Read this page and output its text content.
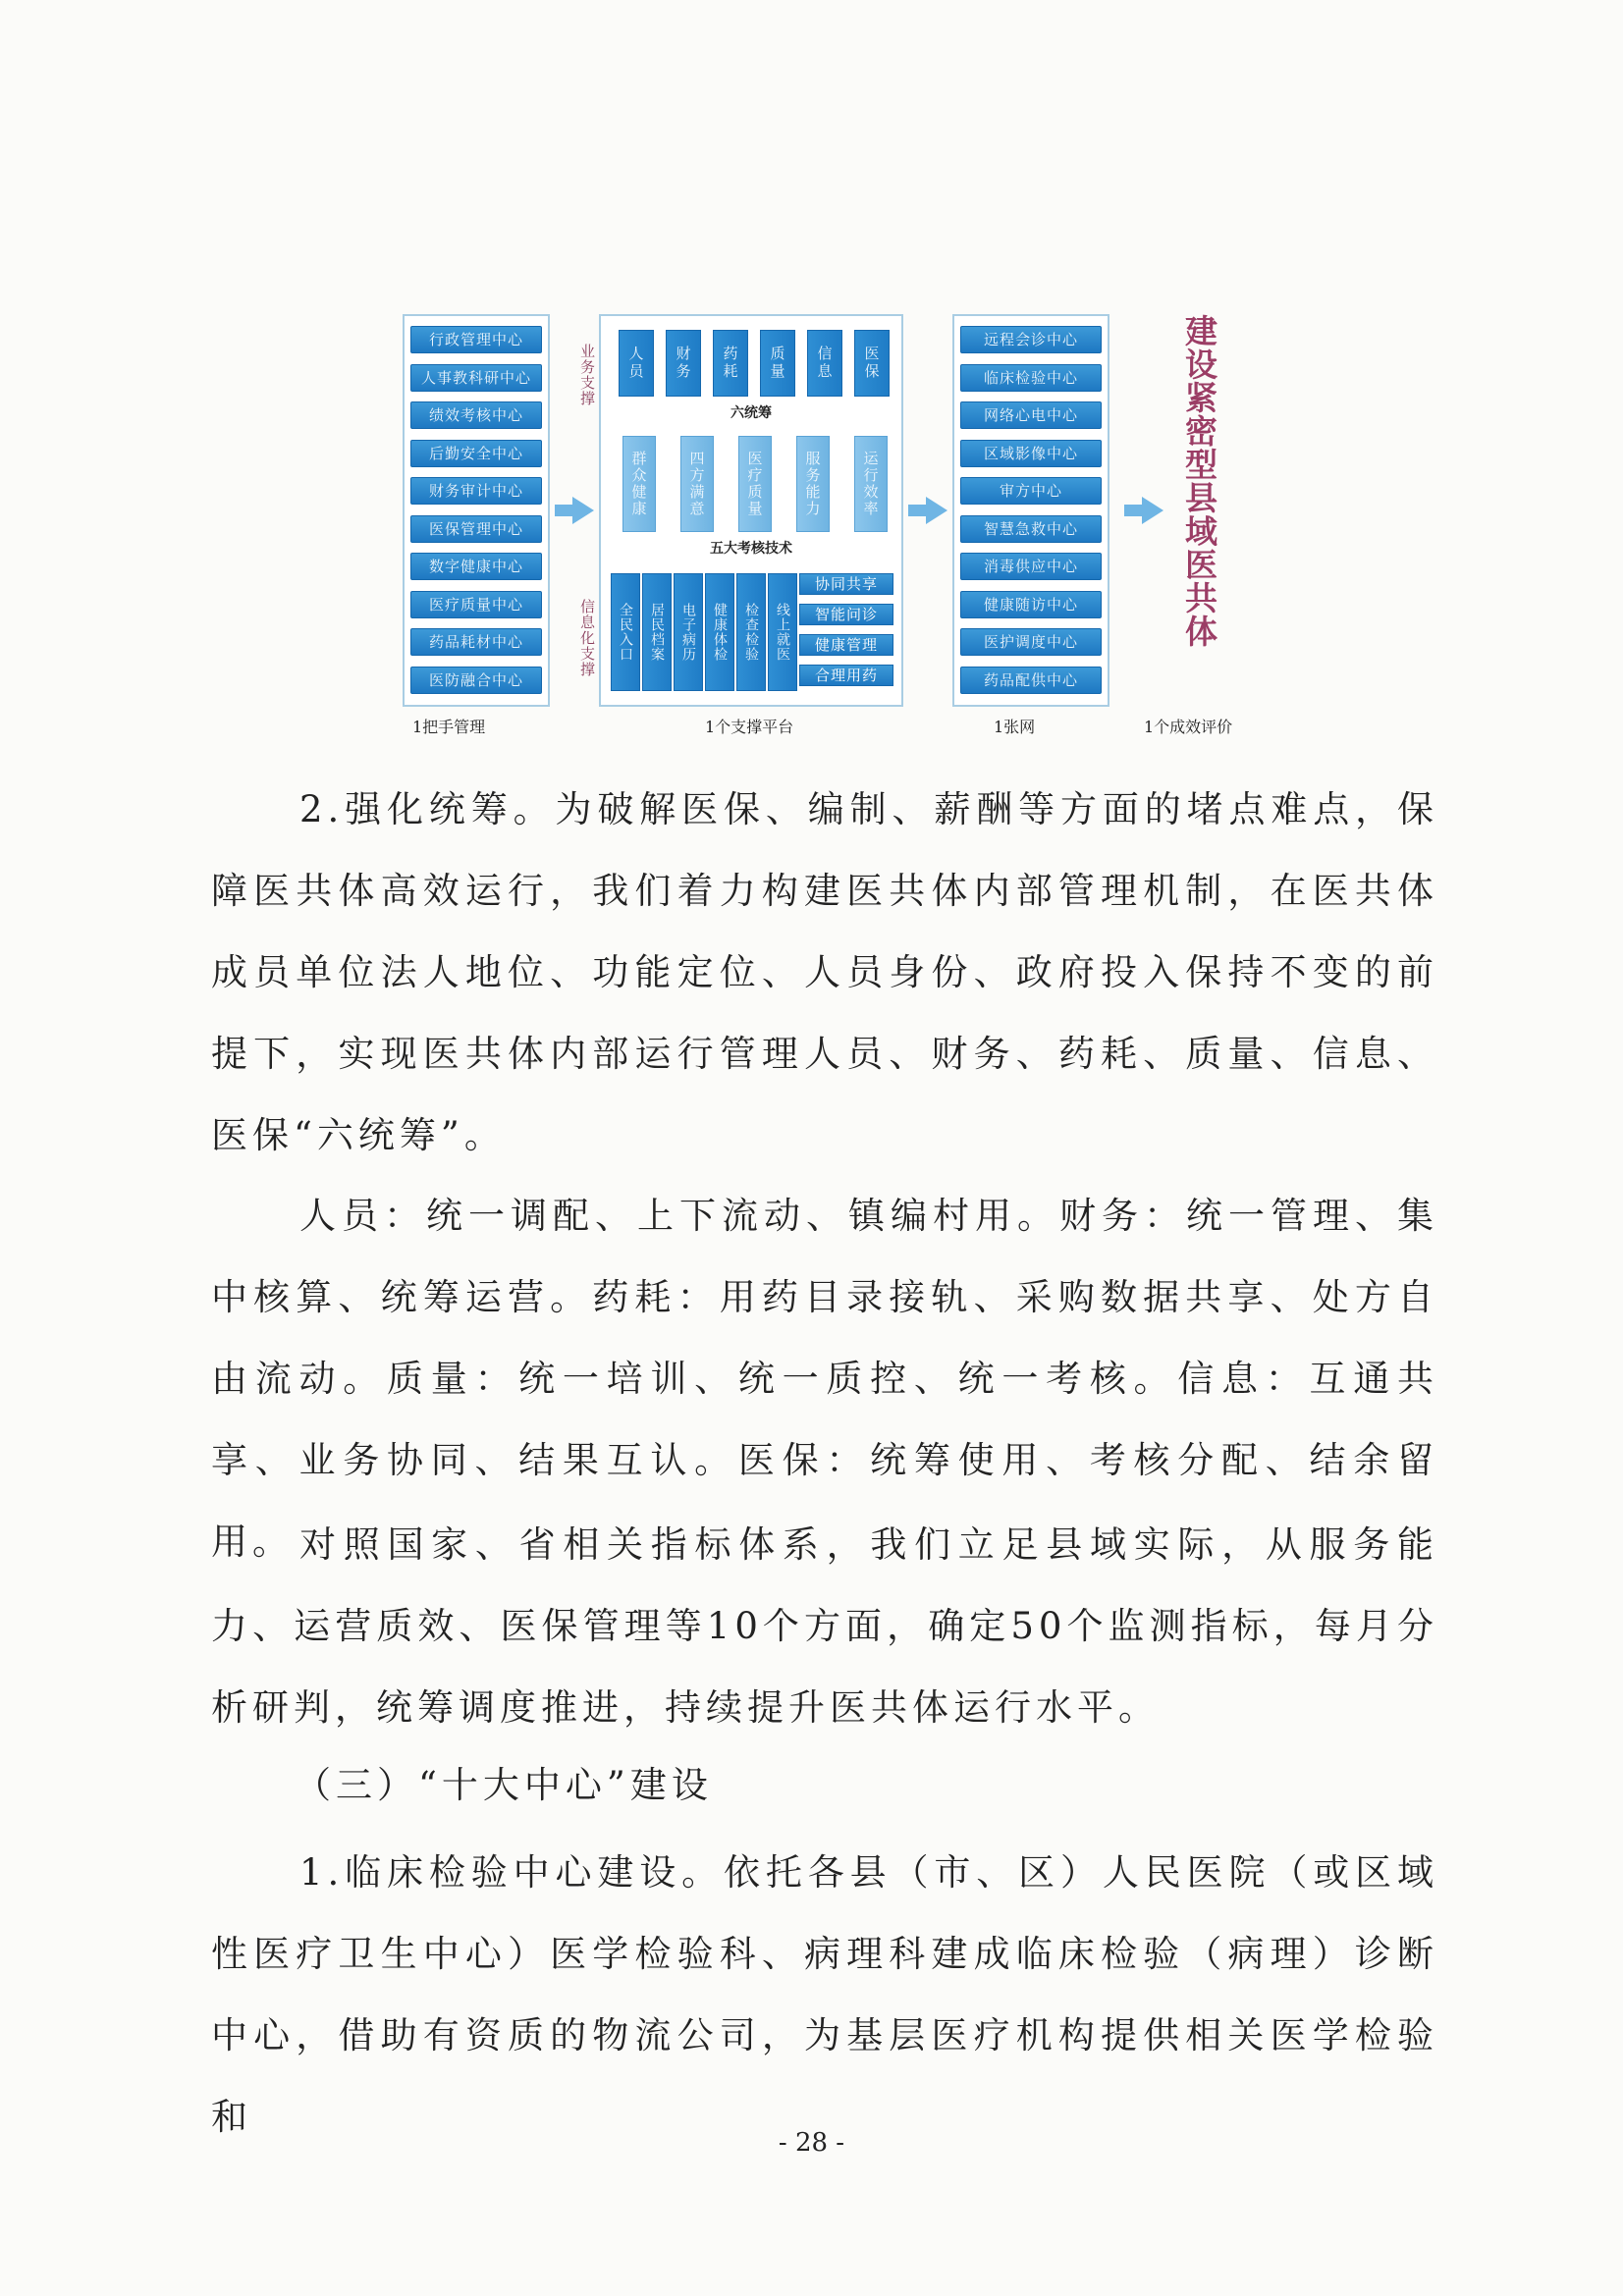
行政管理中心
人事教科研中心
绩效考核中心
后勤安全中心
财务审计中心
医保管理中心
数字健康中心
医疗质量中心
药品耗材中心
医防融合中心
人员	财务	药耗	质量	信息	医保
六统筹
群众健康	四方满意	医疗质量	服务能力	运行效率
五大考核技术
全民入口	居民档案	电子病历	健康体检	检查检验	线上就医
协同共享
智能问诊
健康管理
合理用药
远程会诊中心
临床检验中心
网络心电中心
区域影像中心
审方中心
智慧急救中心
消毒供应中心
健康随访中心
医护调度中心
药品配供中心
业务支撑
信息化支撑	建设紧密型县域医共体
1把手管理	1个支撑平台	1张网	1个成效评价
2.强化统筹。为破解医保、编制、薪酬等方面的堵点难点，保障医共体高效运行，我们着力构建医共体内部管理机制，在医共体成员单位法人地位、功能定位、人员身份、政府投入保持不变的前提下，实现医共体内部运行管理人员、财务、药耗、质量、信息、医保“六统筹”。
人员：统一调配、上下流动、镇编村用。财务：统一管理、集中核算、统筹运营。药耗：用药目录接轨、采购数据共享、处方自由流动。质量：统一培训、统一质控、统一考核。信息：互通共享、业务协同、结果互认。医保：统筹使用、考核分配、结余留用。 对照国家、省相关指标体系，我们立足县域实际，从服务能力、运营质效、医保管理等10个方面，确定50个监测指标，每月分析研判，统筹调度推进，持续提升医共体运行水平。
（三）“十大中心”建设
1.临床检验中心建设。依托各县（市、区）人民医院（或区域性医疗卫生中心）医学检验科、病理科建成临床检验（病理）诊断中心，借助有资质的物流公司，为基层医疗机构提供相关医学检验和
- 28 -
